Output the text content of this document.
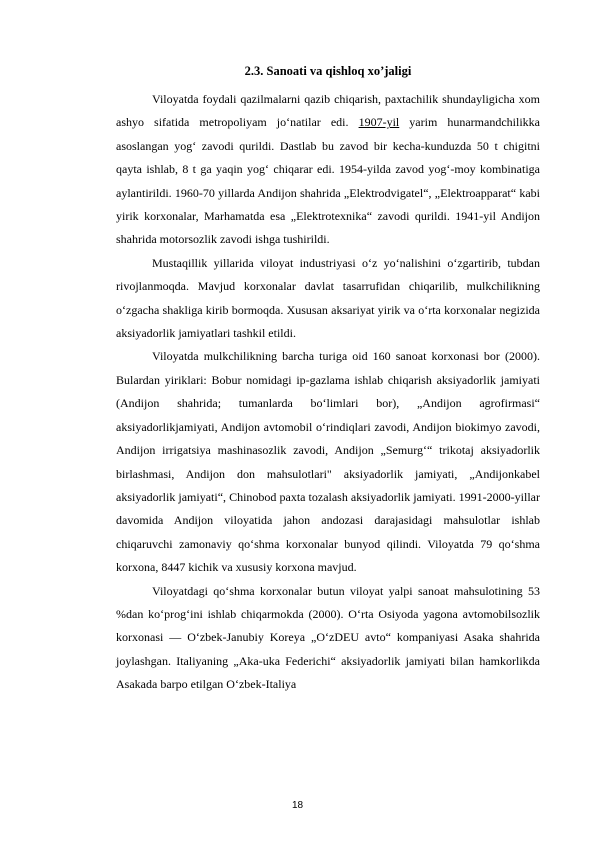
2.3. Sanoati va qishloq xo’jaligi

Viloyatda foydali qazilmalarni qazib chiqarish, paxtachilik shundayligicha xom ashyo sifatida metropoliyam joʻnatilar edi. 1907-yil yarim hunarmandchilikka asoslangan yogʻ zavodi qurildi. Dastlab bu zavod bir kecha-kunduzda 50 t chigitni qayta ishlab, 8 t ga yaqin yogʻ chiqarar edi. 1954-yilda zavod yogʻ-moy kombinatiga aylantirildi. 1960-70 yillarda Andijon shahrida „Elektrodvigatel“, „Elektroapparat“ kabi yirik korxonalar, Marhamatda esa „Elektrotexnika“ zavodi qurildi. 1941-yil Andijon shahrida motorsozlik zavodi ishga tushirildi.

Mustaqillik yillarida viloyat industriyasi oʻz yoʻnalishini oʻzgartirib, tubdan rivojlanmoqda. Mavjud korxonalar davlat tasarrufidan chiqarilib, mulkchilikning oʻzgacha shakliga kirib bormoqda. Xususan aksariyat yirik va oʻrta korxonalar negizida aksiyadorlik jamiyatlari tashkil etildi.

Viloyatda mulkchilikning barcha turiga oid 160 sanoat korxonasi bor (2000). Bulardan yiriklari: Bobur nomidagi ip-gazlama ishlab chiqarish aksiyadorlik jamiyati (Andijon shahrida; tumanlarda boʻlimlari bor), „Andijon agrofirmasi“ aksiyadorlikjamiyati, Andijon avtomobil oʻrindiqlari zavodi, Andijon biokimyo zavodi, Andijon irrigatsiya mashinasozlik zavodi, Andijon „Semurgʻ“ trikotaj aksiyadorlik birlashmasi, Andijon don mahsulotlari" aksiyadorlik jamiyati, „Andijonkabel aksiyadorlik jamiyati“, Chinobod paxta tozalash aksiyadorlik jamiyati. 1991-2000-yillar davomida Andijon viloyatida jahon andozasi darajasidagi mahsulotlar ishlab chiqaruvchi zamonaviy qoʻshma korxonalar bunyod qilindi. Viloyatda 79 qoʻshma korxona, 8447 kichik va xususiy korxona mavjud.

Viloyatdagi qoʻshma korxonalar butun viloyat yalpi sanoat mahsulotining 53 %dan koʻprogʻini ishlab chiqarmokda (2000). Oʻrta Osiyoda yagona avtomobilsozlik korxonasi — Oʻzbek-Janubiy Koreya „OʻzDEU avto“ kompaniyasi Asaka shahrida joylashgan. Italiyaning „Aka-uka Federichi“ aksiyadorlik jamiyati bilan hamkorlikda Asakada barpo etilgan Oʻzbek-Italiya

18
